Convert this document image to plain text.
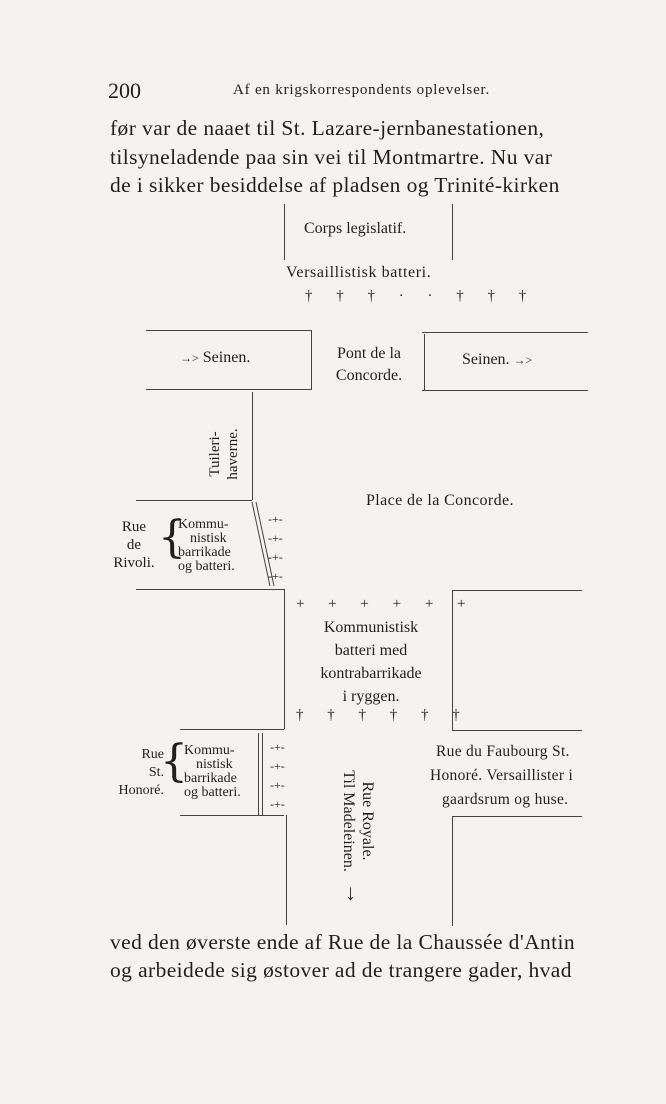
200	Af en krigskorrespondents oplevelser.
før var de naaet til St. Lazare-jernbanestationen,
tilsyneladende paa sin vei til Montmartre. Nu var
de i sikker besiddelse af pladsen og Trinité-kirken
Corps legislatif.
Versaillistisk batteri.
† † † · · † † †
→> Seinen.	Pont de la
Concorde.
Seinen. →>
Tuileri- haverne.
Place de la Concorde.
Rue
de
Rivoli. {
Kommu-
nistisk
barrikade
og batteri.
-+-
-+-
-+-
-+-
+ + + + + +
Kommunistisk
batteri med
kontrabarrikade
i ryggen.
† † † † † †
Rue
St.
Honoré.
{
Kommu-
nistisk
barrikade
og batteri.
-+-
-+-
-+-
-+-	Rue Royale.
Til Madeleinen.
↓
Rue du Faubourg St.
Honoré. Versaillister i
gaardsrum og huse.
ved den øverste ende af Rue de la Chaussée d'Antin
og arbeidede sig østover ad de trangere gader, hvad
